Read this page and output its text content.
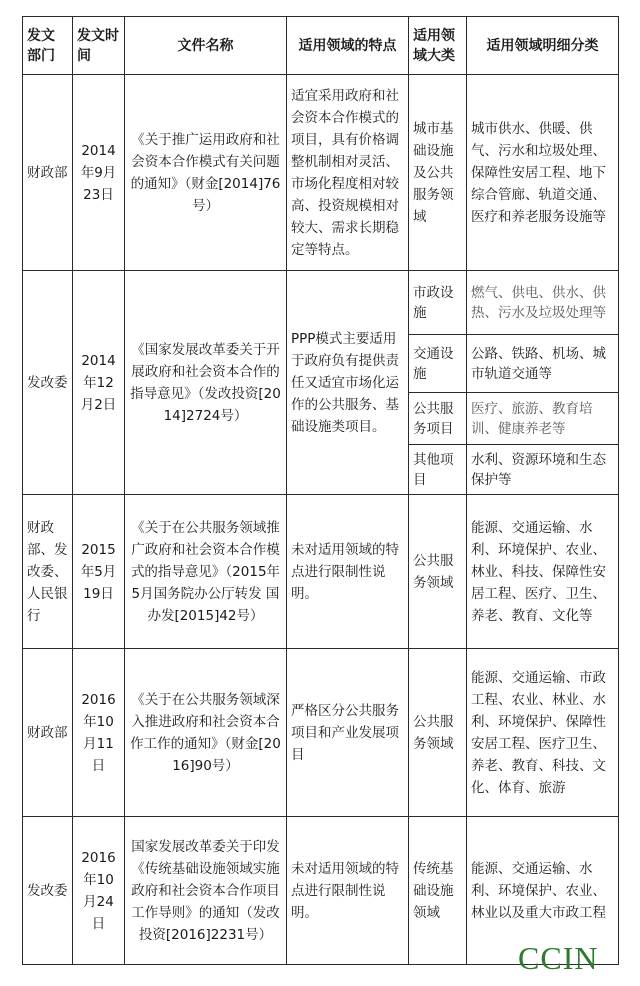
发文部门	发文时间	文件名称	适用领域的特点	适用领域大类	适用领域明细分类
财政部	2014年9月23日	《关于推广运用政府和社会资本合作模式有关问题的通知》（财金[2014]76号）	适宜采用政府和社会资本合作模式的项目，具有价格调整机制相对灵活、市场化程度相对较高、投资规模相对较大、需求长期稳定等特点。	城市基础设施及公共服务领域	城市供水、供暖、供气、污水和垃圾处理、保障性安居工程、地下综合管廊、轨道交通、医疗和养老服务设施等
发改委	2014年12月2日	《国家发展改革委关于开展政府和社会资本合作的指导意见》（发改投资[2014]2724号）	PPP模式主要适用于政府负有提供责任又适宜市场化运作的公共服务、基础设施类项目。	市政设施	燃气、供电、供水、供热、污水及垃圾处理等
				交通设施	公路、铁路、机场、城市轨道交通等
				公共服务项目	医疗、旅游、教育培训、健康养老等
				其他项目	水利、资源环境和生态保护等
财政部、发改委、人民银行	2015年5月19日	《关于在公共服务领域推广政府和社会资本合作模式的指导意见》（2015年5月国务院办公厅转发 国办发[2015]42号）	未对适用领域的特点进行限制性说明。	公共服务领域	能源、交通运输、水利、环境保护、农业、林业、科技、保障性安居工程、医疗、卫生、养老、教育、文化等
财政部	2016年10月11日	《关于在公共服务领域深入推进政府和社会资本合作工作的通知》（财金[2016]90号）	严格区分公共服务项目和产业发展项目	公共服务领域	能源、交通运输、市政工程、农业、林业、水利、环境保护、保障性安居工程、医疗卫生、养老、教育、科技、文化、体育、旅游
发改委	2016年10月24日	国家发展改革委关于印发《传统基础设施领域实施政府和社会资本合作项目工作导则》的通知（发改投资[2016]2231号）	未对适用领域的特点进行限制性说明。	传统基础设施领域	能源、交通运输、水利、环境保护、农业、林业以及重大市政工程
CCIN
